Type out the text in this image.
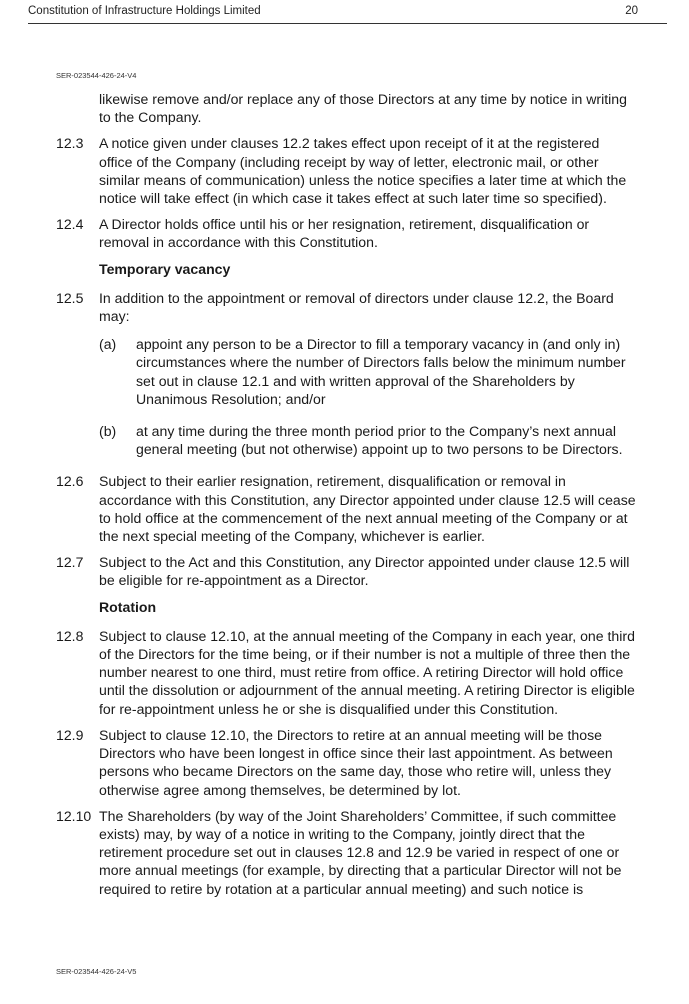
Constitution of Infrastructure Holdings Limited	20
SER-023544-426-24-V4
likewise remove and/or replace any of those Directors at any time by notice in writing to the Company.
12.3	A notice given under clauses 12.2 takes effect upon receipt of it at the registered office of the Company (including receipt by way of letter, electronic mail, or other similar means of communication) unless the notice specifies a later time at which the notice will take effect (in which case it takes effect at such later time so specified).
12.4	A Director holds office until his or her resignation, retirement, disqualification or removal in accordance with this Constitution.
Temporary vacancy
12.5	In addition to the appointment or removal of directors under clause 12.2, the Board may:
(a)	appoint any person to be a Director to fill a temporary vacancy in (and only in) circumstances where the number of Directors falls below the minimum number set out in clause 12.1 and with written approval of the Shareholders by Unanimous Resolution; and/or
(b)	at any time during the three month period prior to the Company’s next annual general meeting (but not otherwise) appoint up to two persons to be Directors.
12.6	Subject to their earlier resignation, retirement, disqualification or removal in accordance with this Constitution, any Director appointed under clause 12.5 will cease to hold office at the commencement of the next annual meeting of the Company or at the next special meeting of the Company, whichever is earlier.
12.7	Subject to the Act and this Constitution, any Director appointed under clause 12.5 will be eligible for re-appointment as a Director.
Rotation
12.8	Subject to clause 12.10, at the annual meeting of the Company in each year, one third of the Directors for the time being, or if their number is not a multiple of three then the number nearest to one third, must retire from office. A retiring Director will hold office until the dissolution or adjournment of the annual meeting. A retiring Director is eligible for re-appointment unless he or she is disqualified under this Constitution.
12.9	Subject to clause 12.10, the Directors to retire at an annual meeting will be those Directors who have been longest in office since their last appointment. As between persons who became Directors on the same day, those who retire will, unless they otherwise agree among themselves, be determined by lot.
12.10 The Shareholders (by way of the Joint Shareholders’ Committee, if such committee exists) may, by way of a notice in writing to the Company, jointly direct that the retirement procedure set out in clauses 12.8 and 12.9 be varied in respect of one or more annual meetings (for example, by directing that a particular Director will not be required to retire by rotation at a particular annual meeting) and such notice is
SER-023544-426-24-V5
